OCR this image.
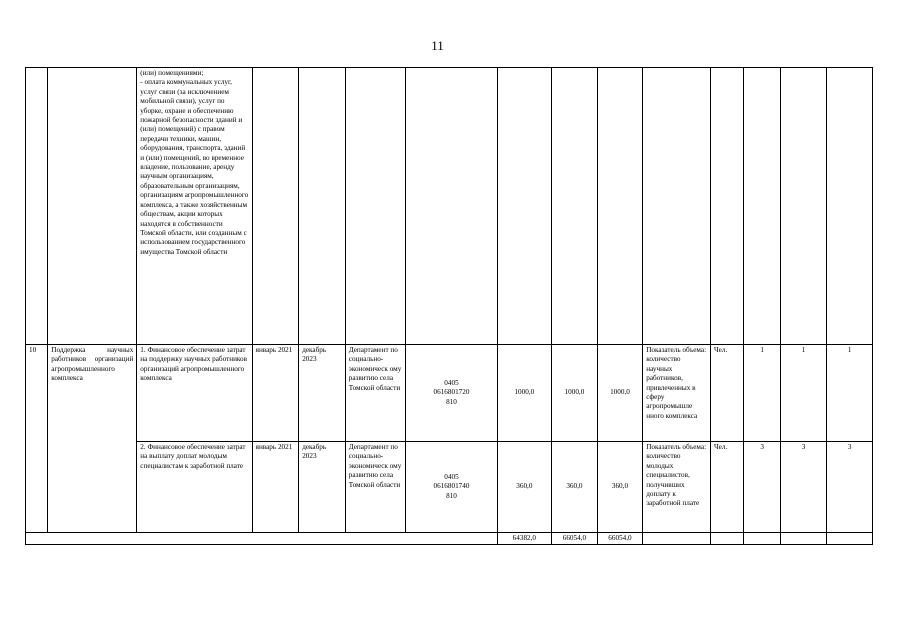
11

		(или) помещениями;
- оплата коммунальных услуг, услуг связи (за исключением мобильной связи), услуг по уборке, охране и обеспечению пожарной безопасности зданий и (или) помещений) с правом передачи техники, машин, оборудования, транспорта, зданий и (или) помещений, во временное владение, пользование, аренду научным организациям, образовательным организациям, организациям агропромышленного комплекса, а также хозяйственным обществам, акции которых находятся в собственности Томской области, или созданным с использованием государственного имущества Томской области												

10	Поддержка научных работников организаций агропромышленного комплекса	1. Финансовое обеспечение затрат на поддержку научных работников организаций агропромышленного комплекса	январь 2021	декабрь 2023	Департамент по социально-экономическ ому развитию села Томской области	0405
0616801720
810	1000,0	1000,0	1000,0	Показатель объема: количество научных работников, привлеченных в сферу агропромышле нного комплекса	Чел.	1	1	1
		2. Финансовое обеспечение затрат на выплату доплат молодым специалистам к заработной плате	январь 2021	декабрь 2023	Департамент по социально-экономическ ому развитию села Томской области	0405
0616801740
810	360,0	360,0	360,0	Показатель объема: количество молодых специалистов, получивших доплату к заработной плате	Чел.	3	3	3
							64382,0	66054,0	66054,0					
